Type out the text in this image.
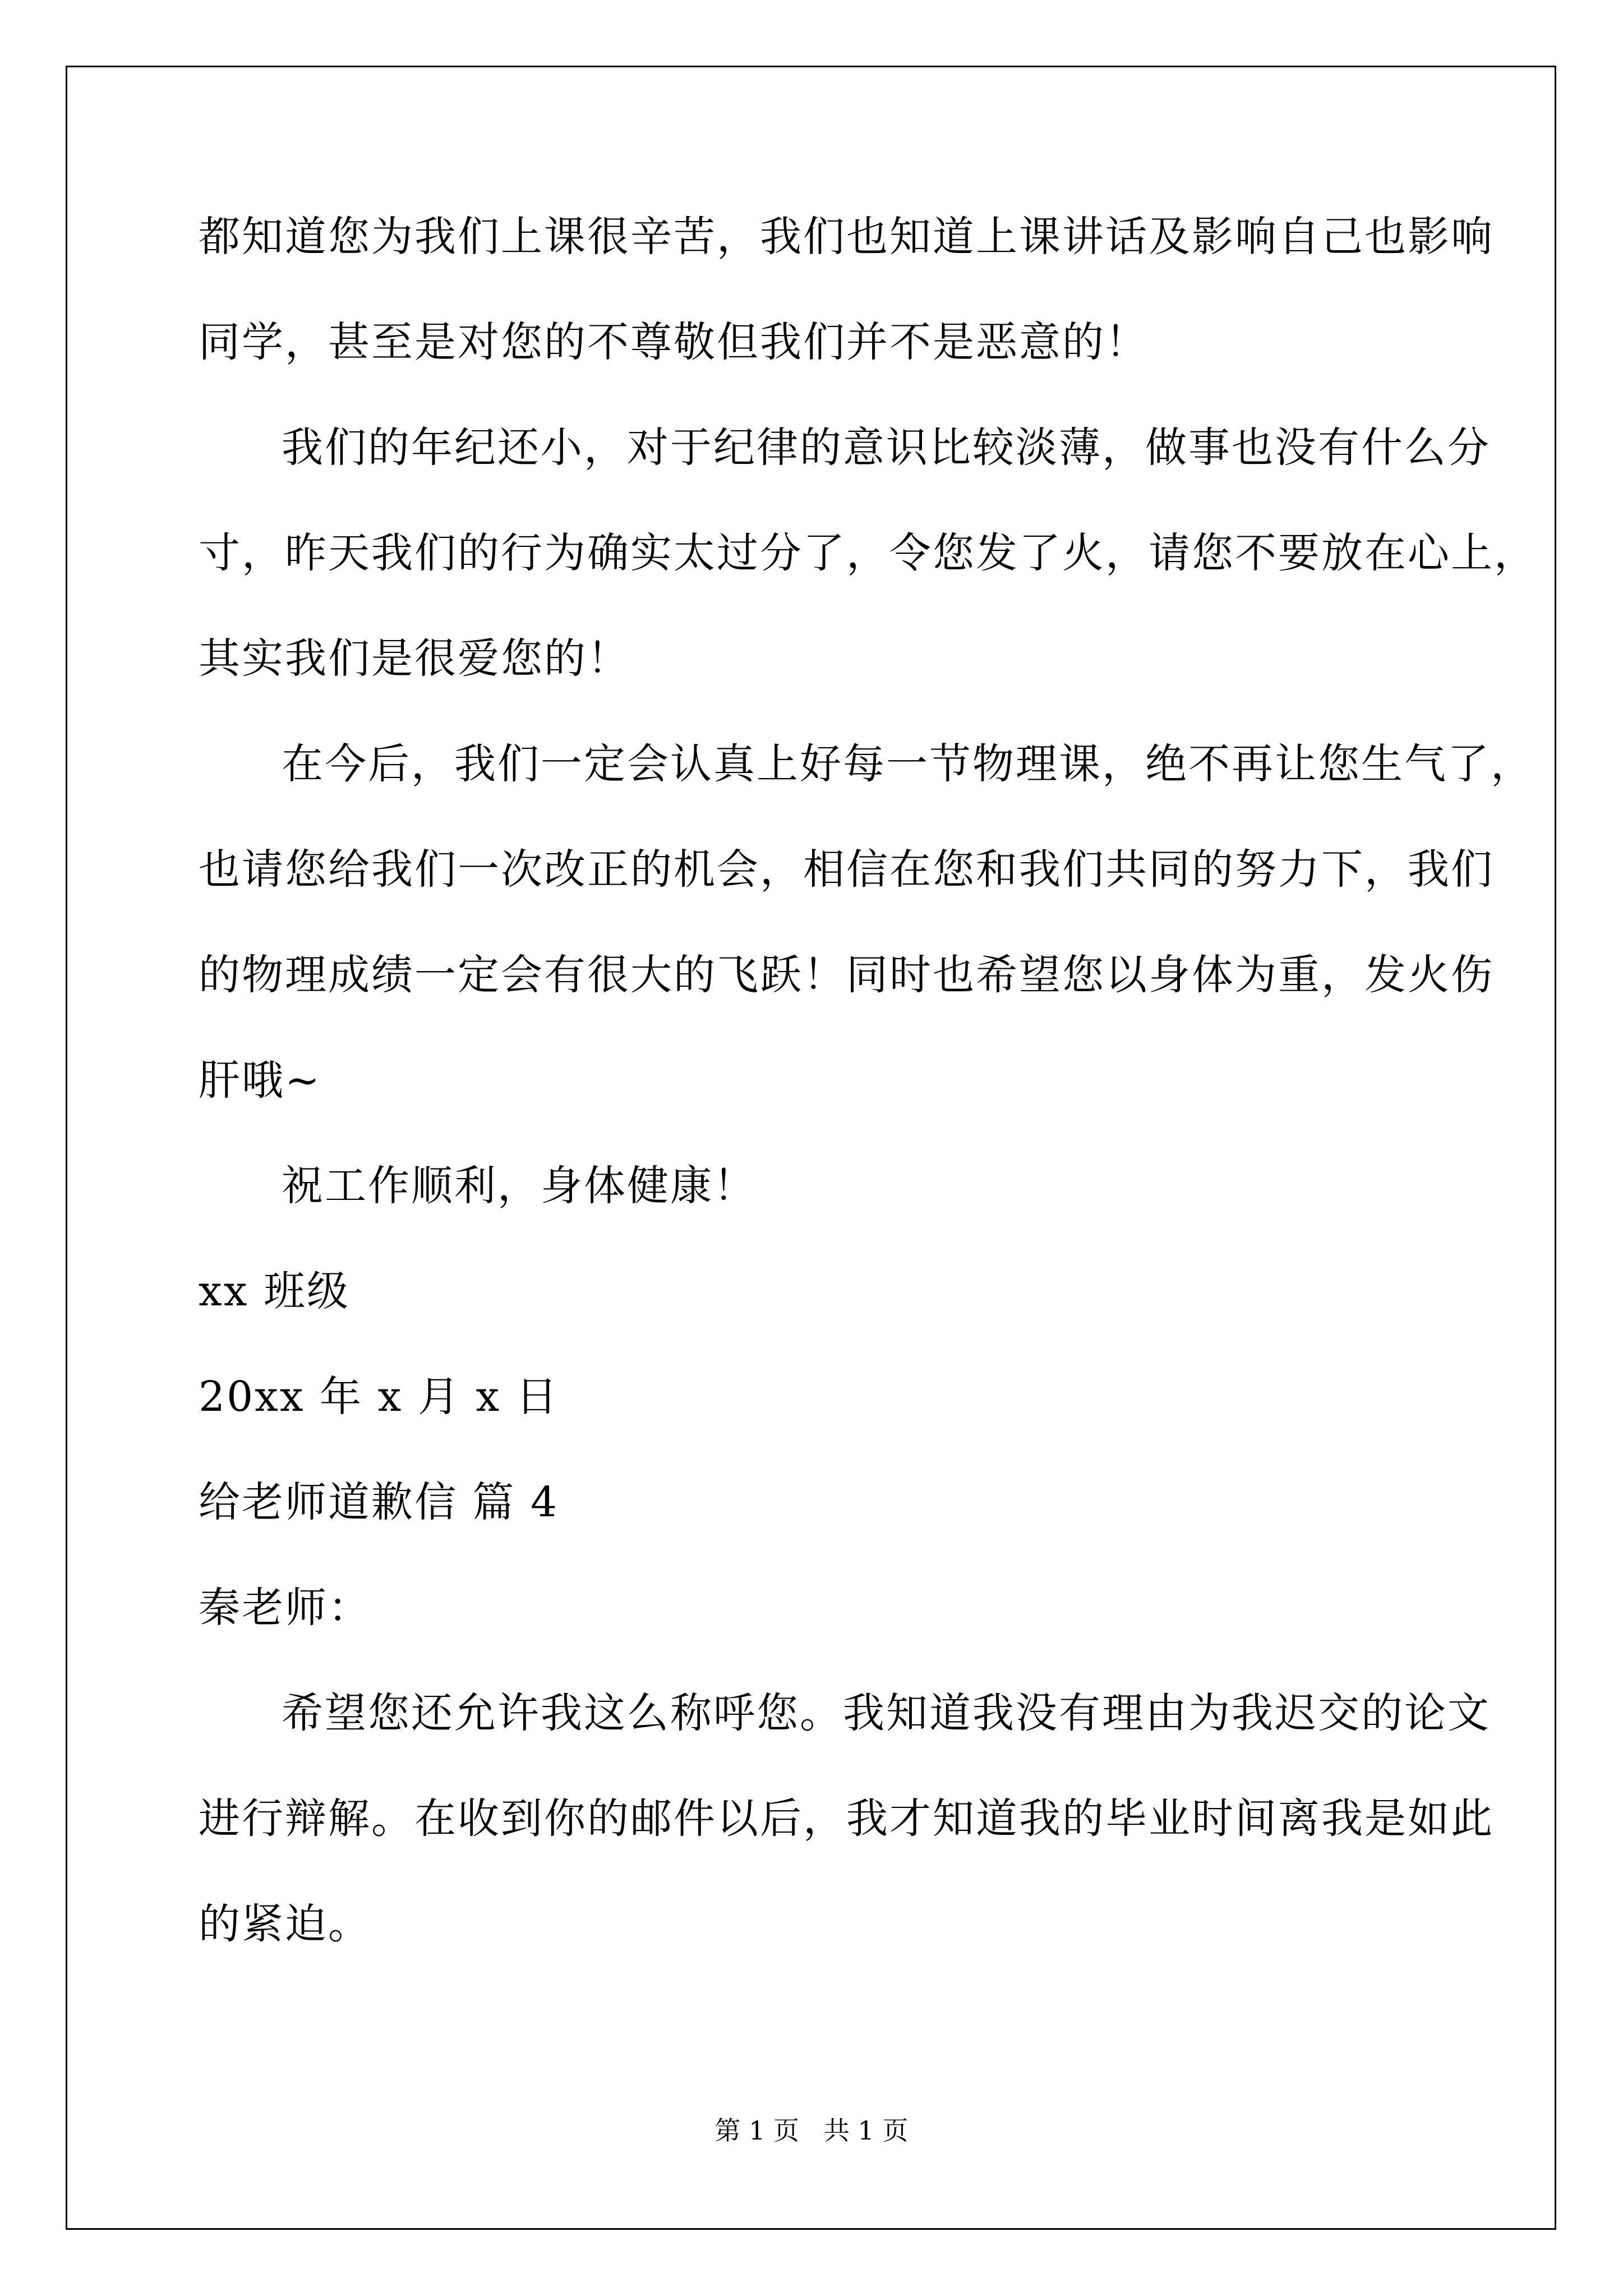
都知道您为我们上课很辛苦，我们也知道上课讲话及影响自己也影响
同学，甚至是对您的不尊敬但我们并不是恶意的！
我们的年纪还小，对于纪律的意识比较淡薄，做事也没有什么分
寸，昨天我们的行为确实太过分了，令您发了火，请您不要放在心上，
其实我们是很爱您的！
在今后，我们一定会认真上好每一节物理课，绝不再让您生气了，
也请您给我们一次改正的机会，相信在您和我们共同的努力下，我们
的物理成绩一定会有很大的飞跃！同时也希望您以身体为重，发火伤
肝哦~
祝工作顺利，身体健康！
xx 班级
20xx 年 x 月 x 日
给老师道歉信 篇 4
秦老师：
希望您还允许我这么称呼您。我知道我没有理由为我迟交的论文
进行辩解。在收到你的邮件以后，我才知道我的毕业时间离我是如此
的紧迫。
第 1 页   共 1 页
